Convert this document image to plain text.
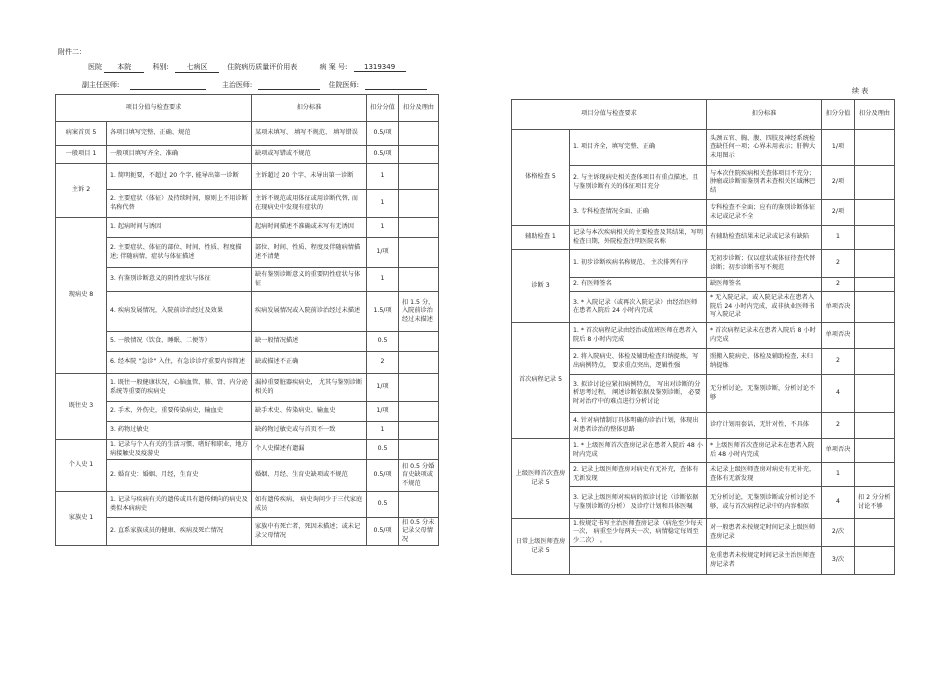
附件二：
医院 本院	科别:	七病区	住院病历质量评价用表	病 案 号: 1319349
副主任医师:	主治医师:	住院医师:
续 表
项目分值与检查要求		扣分标准	扣分分值	扣分及理由
病案首页 5	各项目填写完整、正确、规范	某项未填写、 填写不规范、 填写错误	0.5/项	
一般项目 1	一般项目填写齐全、准确	缺项或写错或不规范	0.5/项	
主诉 2	1. 简明扼要，不超过 20 个字, 能导出第一诊断	主诉超过 20 个字、未导出第一诊断	1	
	2. 主要症状（体征）及持续时间，原则上不用诊断名称代替	主诉不规范或用体征或用诊断代替, 而在现病史中发现有症状的	1	
现病史 8	1. 起病时间与诱因	起病时间描述不准确或未写有无诱因	1	
	2. 主要症状、体征的部位、时间、性质、程度描述; 伴随病情，症状与体征描述	部位、时间、性质、程度及伴随病情描述不清楚	1/项	
	3. 有鉴别诊断意义的阴性症状与体征	缺有鉴别诊断意义的重要阴性症状与体征	1	
	4. 疾病发展情况，入院前诊治经过及效果	疾病发展情况或入院前诊治经过未描述	1.5/项	扣 1.5 分，入院前诊治经过未描述
	5. 一般情况（饮食、睡眠、二便等）	缺一般情况描述	0.5	
	6. 经本院 "急诊" 入住，有急诊诊疗重要内容简述	缺或描述不正确	2	
既往史 3	1. 既往一般健康状况，心脑血管、肺、肾、内分泌系统等重要的疾病史	漏掉重要脏器疾病史， 尤其与鉴别诊断相关的	1/项	
	2. 手术、外伤史，重要传染病史，输血史	缺手术史、传染病史、输血史	1/项	
	3. 药物过敏史	缺药物过敏史或与首页不一致	1	
个人史 1	1. 记录与个人有关的生活习惯、嗜好和职业，地方病接触史及疫游史	个人史描述有遗漏	0.5	
	2. 婚育史：婚姻、月经，生育史	婚姻、月经、生育史缺项或不规范	0.5/项	扣 0.5 分婚育史缺项或不规范
家族史 1	1. 记录与疾病有关的遗传或具有遗传倾向的病史及类似本病病史	如有遗传疾病， 病史询问少于三代家庭成员	0.5	
	2. 直系家族成员的健康、疾病及死亡情况	家族中有死亡者，死因未描述；或未记录父母情况	0.5/项	扣 0.5 分未记录父母情况
项目分值与检查要求		扣分标准	扣分分值	扣分及理由
体格检查 5	1. 项目齐全，填写完整、正确	头颈五官、胸、腹、四肢及神经系统检查缺任何一项；心界未用表示；肝脾大未用图示	1/项	
	2. 与主诉现病史相关查体项目有重点描述，且与鉴别诊断有关的体征项目充分	与本次住院疾病相关查体项目不充分；肿瘤或诊断需鉴别者未查相关区域淋巴结	2/项	
	3. 专科检查情况全面、正确	专科检查不全面；应有的鉴别诊断体征未记或记录不全	2/项	
辅助检查 1	记录与本次疾病相关的主要检查及其结果，写明检查日期，外院检查注明医院名称	有辅助检查结果未记录或记录有缺陷	1	
诊断 3	1. 初步诊断疾病名称规范、 主次排列有序	无初步诊断；仅以症状或体征待查代替诊断；初步诊断书写不规范	2	
	2. 有医师签名	缺医师签名	2	
	3. * 入院记录（或再次入院记录）由经治医师在患者入院后 24 小时内完成	* 无入院记录，或入院记录未在患者入院后 24 小时内完成，或非执业医师书写入院记录	单项否决	
首次病程记录 5	1. * 首次病程记录由经治或值班医师在患者入院后 8 小时内完成	* 首次病程记录未在患者入院后 8 小时内完成	单项否决	
	2. 将入院病史、体检及辅助检查归纳提炼，写出病例特点， 要求重点突出，逻辑性强	照搬入院病史、体检及辅助检查, 未归纳提炼	2	
	3. 拟诊讨论应紧扣病例特点， 写出对诊断的分析思考过程， 阐述诊断依据及鉴别诊断， 必要时对治疗中的难点进行分析讨论	无分析讨论，无鉴别诊断，分析讨论不够	4	
	4. 针对病情制订具体明确的诊治计划，体现出对患者诊治的整体思路	诊疗计划用套话，无针对性，不具体	2	
上级医师首次查房记录 5	1. * 上级医师首次查房记录在患者入院后 48 小时内完成	* 上级医师首次查房记录未在患者入院后 48 小时内完成	单项否决	
	2. 记录上级医师查房对病史有无补充，查体有无新发现	未记录上级医师查房对病史有无补充，查体有无新发现	1	
	3. 记录上级医师对疾病的拟诊讨论（诊断依据与鉴别诊断的分析） 及诊疗计划和具体医嘱	无分析讨论，无鉴别诊断或分析讨论不够，或与首次病程记录中的内容相似	4	扣 2 分分析讨论不够
日常上级医师查房记录 5	1.按规定书写主治医师查房记录（病危至少每天一次， 病重至少每两天一次，病情稳定每周至少二次） 。	对一般患者未按规定时间记录上级医师查房记录	2/次	
		危重患者未按规定时间记录主治医师查房记录者	3/次	
